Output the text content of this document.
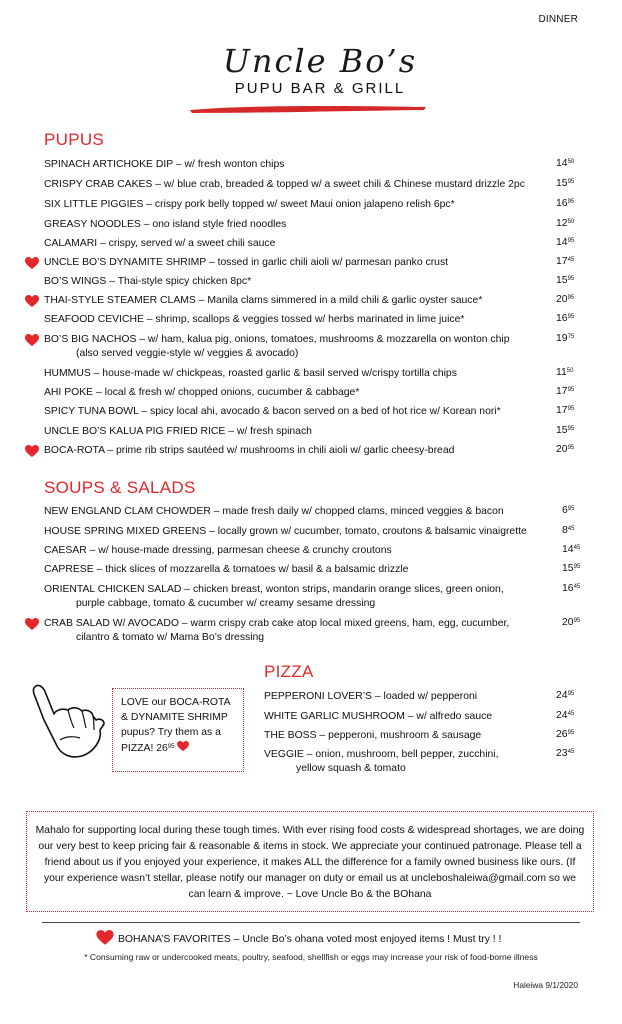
DINNER
Uncle Bo’s
PUPU BAR & GRILL
PUPUS
SOUPS & SALADS
PIZZA
SPINACH ARTICHOKE DIP – w/ fresh wonton chips	$14^{50}$
CRISPY CRAB CAKES – w/ blue crab, breaded & topped w/ a sweet chili & Chinese mustard drizzle 2pc	$15^{95}$
SIX LITTLE PIGGIES – crispy pork belly topped w/ sweet Maui onion jalapeno relish 6pc*	$16^{95}$
GREASY NOODLES – ono island style fried noodles	$12^{50}$
CALAMARI – crispy, served w/ a sweet chili sauce	$14^{95}$
UNCLE BO’S DYNAMITE SHRIMP – tossed in garlic chili aioli w/ parmesan panko crust	$17^{45}$
BO’S WINGS – Thai-style spicy chicken 8pc*	$15^{95}$
THAI-STYLE STEAMER CLAMS – Manila clams simmered in a mild chili & garlic oyster sauce*	$20^{95}$
SEAFOOD CEVICHE – shrimp, scallops & veggies tossed w/ herbs marinated in lime juice*	$16^{95}$
BO’S BIG NACHOS – w/ ham, kalua pig, onions, tomatoes, mushrooms & mozzarella on wonton chip
(also served veggie-style w/ veggies & avocado)
$19^{75}$
HUMMUS – house-made w/ chickpeas, roasted garlic & basil served w/crispy tortilla chips	$11^{50}$
AHI POKE – local & fresh w/ chopped onions, cucumber & cabbage*	$17^{95}$
SPICY TUNA BOWL – spicy local ahi, avocado & bacon served on a bed of hot rice w/ Korean nori*	$17^{95}$
UNCLE BO’S KALUA PIG FRIED RICE – w/ fresh spinach	$15^{95}$
BOCA-ROTA – prime rib strips sautéed w/ mushrooms in chili aioli w/ garlic cheesy-bread	$20^{95}$
NEW ENGLAND CLAM CHOWDER – made fresh daily w/ chopped clams, minced veggies & bacon	$6^{95}$
HOUSE SPRING MIXED GREENS – locally grown w/ cucumber, tomato, croutons & balsamic vinaigrette	$8^{45}$
CAESAR – w/ house-made dressing, parmesan cheese & crunchy croutons	$14^{45}$
CAPRESE – thick slices of mozzarella & tomatoes w/ basil & a balsamic drizzle	$15^{95}$
ORIENTAL CHICKEN SALAD – chicken breast, wonton strips, mandarin orange slices, green onion,
purple cabbage, tomato & cucumber w/ creamy sesame dressing
$16^{45}$
CRAB SALAD W/ AVOCADO – warm crispy crab cake atop local mixed greens, ham, egg, cucumber,
cilantro & tomato w/ Mama Bo’s dressing
$20^{95}$
PEPPERONI LOVER’S – loaded w/ pepperoni	$24^{95}$
WHITE GARLIC MUSHROOM – w/ alfredo sauce	$24^{45}$
THE BOSS – pepperoni, mushroom & sausage	$26^{95}$
VEGGIE – onion, mushroom, bell pepper, zucchini,
yellow squash & tomato
$23^{45}$
LOVE our BOCA-ROTA
& DYNAMITE SHRIMP
pupus? Try them as a
PIZZA! $26^{95}$
Mahalo for supporting local during these tough times. With ever rising food costs & widespread shortages, we are doing our very best to keep pricing fair & reasonable & items in stock. We appreciate your continued patronage. Please tell a friend about us if you enjoyed your experience, it makes ALL the difference for a family owned business like ours. (If your experience wasn’t stellar, please notify our manager on duty or email us at uncleboshaleiwa@gmail.com so we can learn & improve. ~ Love Uncle Bo & the BOhana
BOHANA’S FAVORITES – Uncle Bo’s ohana voted most enjoyed items ! Must try ! !
* Consuming raw or undercooked meats, poultry, seafood, shellfish or eggs may increase your risk of food-borne illness
Haleiwa 9/1/2020
